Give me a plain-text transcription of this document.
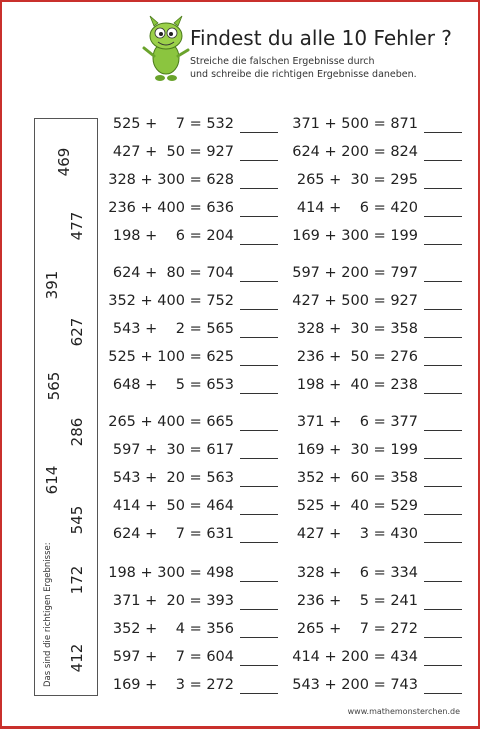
Findest du alle 10 Fehler ?

Streiche die falschen Ergebnisse durch

und schreibe die richtigen Ergebnisse daneben.

Das sind die richtigen Ergebnisse:
469
477
391
627
565
286
614
545
412
172
525 +    7 = 532
427 +  50 = 927
328 + 300 = 628
236 + 400 = 636
198 +    6 = 204
624 +  80 = 704
352 + 400 = 752
543 +    2 = 565
525 + 100 = 625
648 +    5 = 653
265 + 400 = 665
597 +  30 = 617
543 +  20 = 563
414 +  50 = 464
624 +    7 = 631
198 + 300 = 498
371 +  20 = 393
352 +    4 = 356
597 +    7 = 604
169 +    3 = 272
371 + 500 = 871
624 + 200 = 824
265 +  30 = 295
414 +    6 = 420
169 + 300 = 199
597 + 200 = 797
427 + 500 = 927
328 +  30 = 358
236 +  50 = 276
198 +  40 = 238
371 +    6 = 377
169 +  30 = 199
352 +  60 = 358
525 +  40 = 529
427 +    3 = 430
328 +    6 = 334
236 +    5 = 241
265 +    7 = 272
414 + 200 = 434
543 + 200 = 743
www.mathemonsterchen.de
